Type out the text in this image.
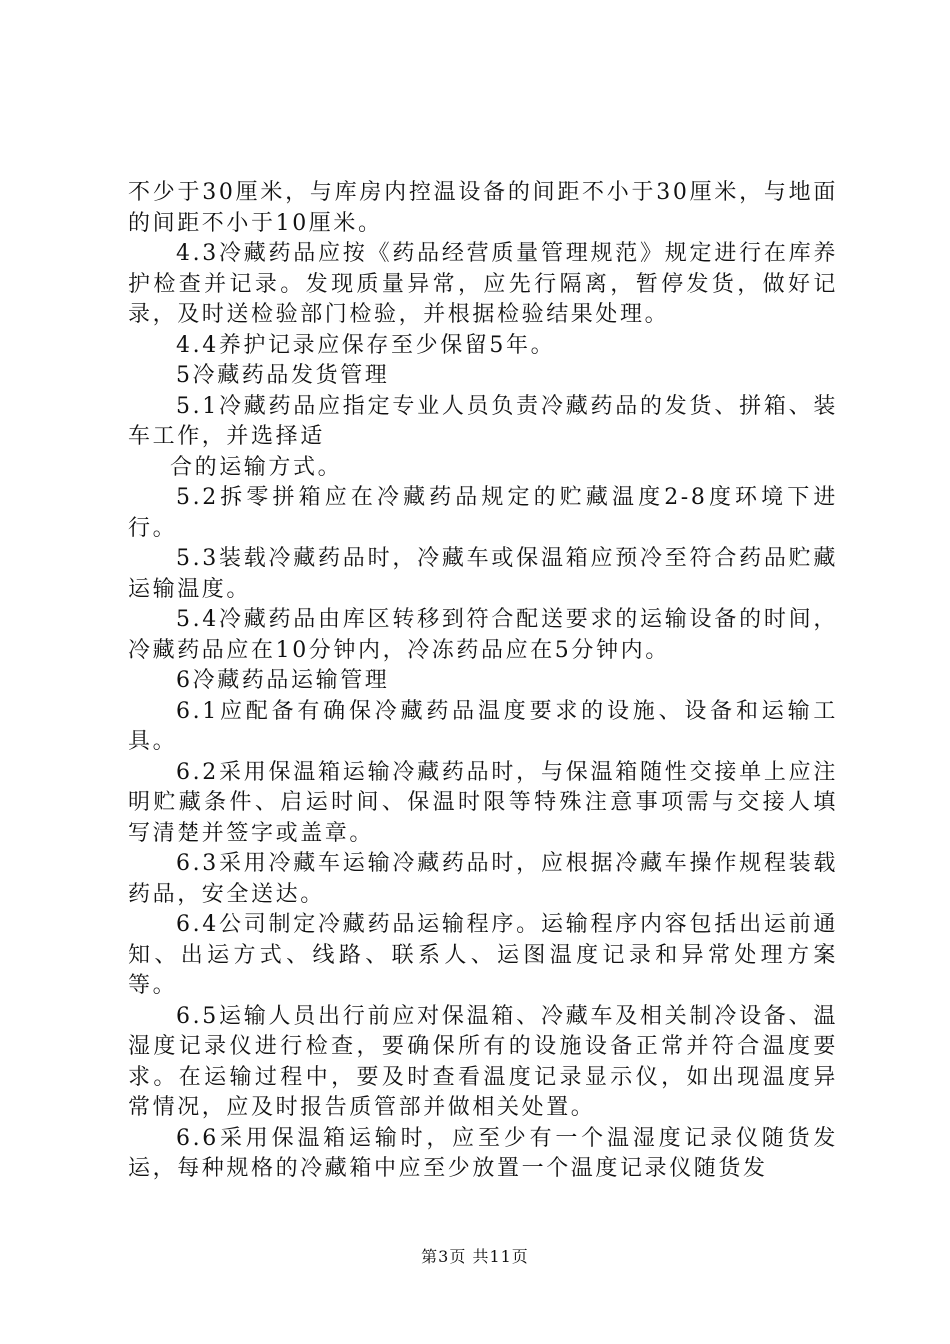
不少于30厘米，与库房内控温设备的间距不小于30厘米，与地面的间距不小于10厘米。

4.3冷藏药品应按《药品经营质量管理规范》规定进行在库养护检查并记录。发现质量异常，应先行隔离，暂停发货，做好记录，及时送检验部门检验，并根据检验结果处理。

4.4养护记录应保存至少保留5年。

5冷藏药品发货管理

5.1冷藏药品应指定专业人员负责冷藏药品的发货、拼箱、装车工作，并选择适

合的运输方式。

5.2拆零拼箱应在冷藏药品规定的贮藏温度2-8度环境下进行。

5.3装载冷藏药品时，冷藏车或保温箱应预冷至符合药品贮藏运输温度。

5.4冷藏药品由库区转移到符合配送要求的运输设备的时间，冷藏药品应在10分钟内，冷冻药品应在5分钟内。

6冷藏药品运输管理

6.1应配备有确保冷藏药品温度要求的设施、设备和运输工具。

6.2采用保温箱运输冷藏药品时，与保温箱随性交接单上应注明贮藏条件、启运时间、保温时限等特殊注意事项需与交接人填写清楚并签字或盖章。

6.3采用冷藏车运输冷藏药品时，应根据冷藏车操作规程装载药品，安全送达。

6.4公司制定冷藏药品运输程序。运输程序内容包括出运前通知、出运方式、线路、联系人、运图温度记录和异常处理方案等。

6.5运输人员出行前应对保温箱、冷藏车及相关制冷设备、温湿度记录仪进行检查，要确保所有的设施设备正常并符合温度要求。在运输过程中，要及时查看温度记录显示仪，如出现温度异常情况，应及时报告质管部并做相关处置。

6.6采用保温箱运输时，应至少有一个温湿度记录仪随货发运，每种规格的冷藏箱中应至少放置一个温度记录仪随货发

第3页 共11页
